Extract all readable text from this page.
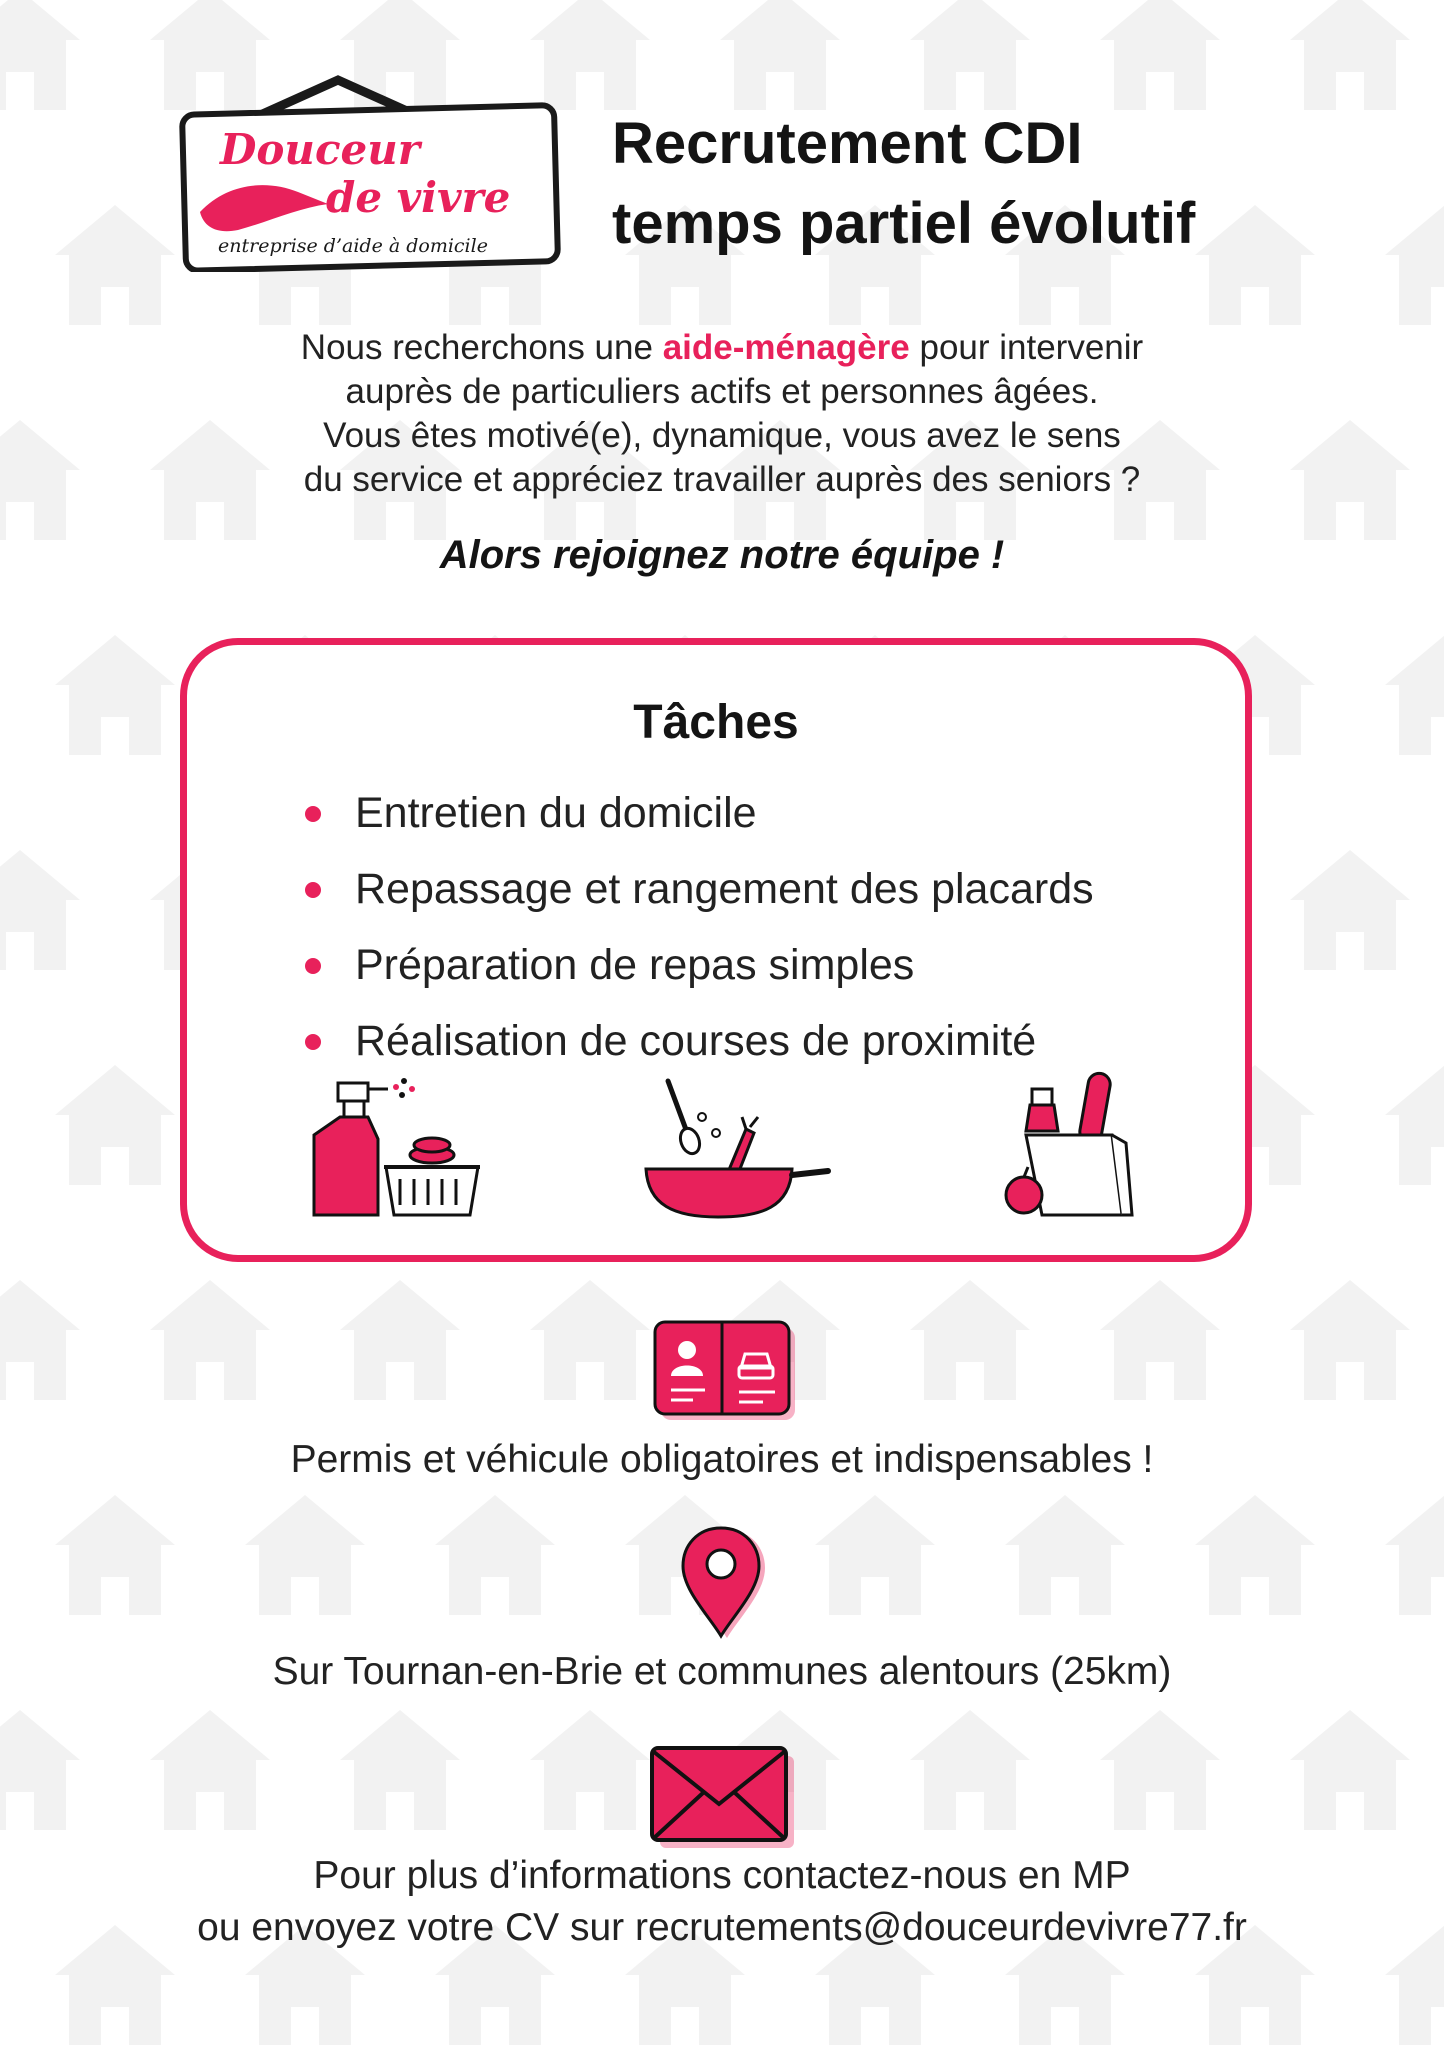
Douceur
de vivre
entreprise d’aide à domicile
Recrutement CDI
temps partiel évolutif
Nous recherchons une aide-ménagère pour intervenir
auprès de particuliers actifs et personnes âgées.
Vous êtes motivé(e), dynamique, vous avez le sens
du service et appréciez travailler auprès des seniors ?
Alors rejoignez notre équipe !
Tâches
Entretien du domicile
Repassage et rangement des placards
Préparation de repas simples
Réalisation de courses de proximité
Permis et véhicule obligatoires et indispensables !
Sur Tournan-en-Brie et communes alentours (25km)
Pour plus d’informations contactez-nous en MP
ou envoyez votre CV sur recrutements@douceurdevivre77.fr
